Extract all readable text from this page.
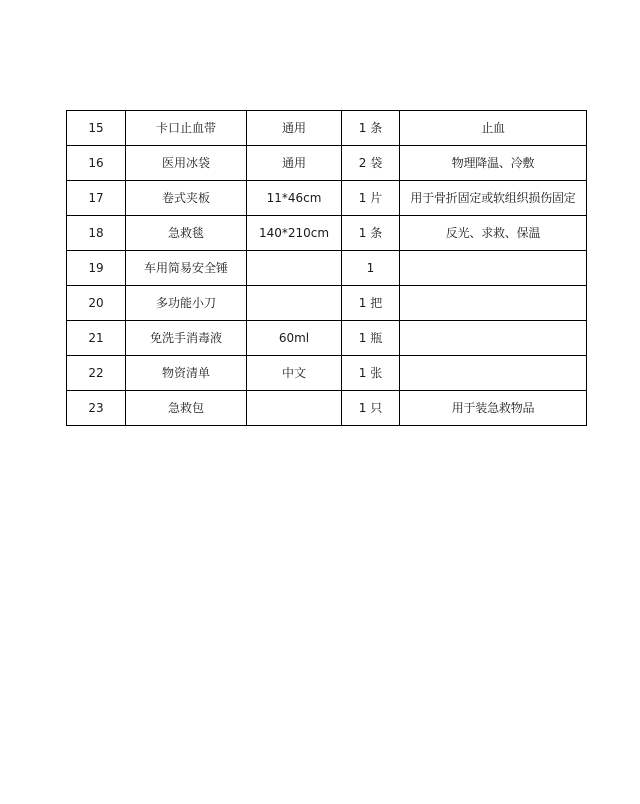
15	卡口止血带	通用	1 条	止血
16	医用冰袋	通用	2 袋	物理降温、冷敷
17	卷式夹板	11*46cm	1 片	用于骨折固定或软组织损伤固定
18	急救毯	140*210cm	1 条	反光、求救、保温
19	车用简易安全锤		1	
20	多功能小刀		1 把	
21	免洗手消毒液	60ml	1 瓶	
22	物资清单	中文	1 张	
23	急救包		1 只	用于装急救物品
